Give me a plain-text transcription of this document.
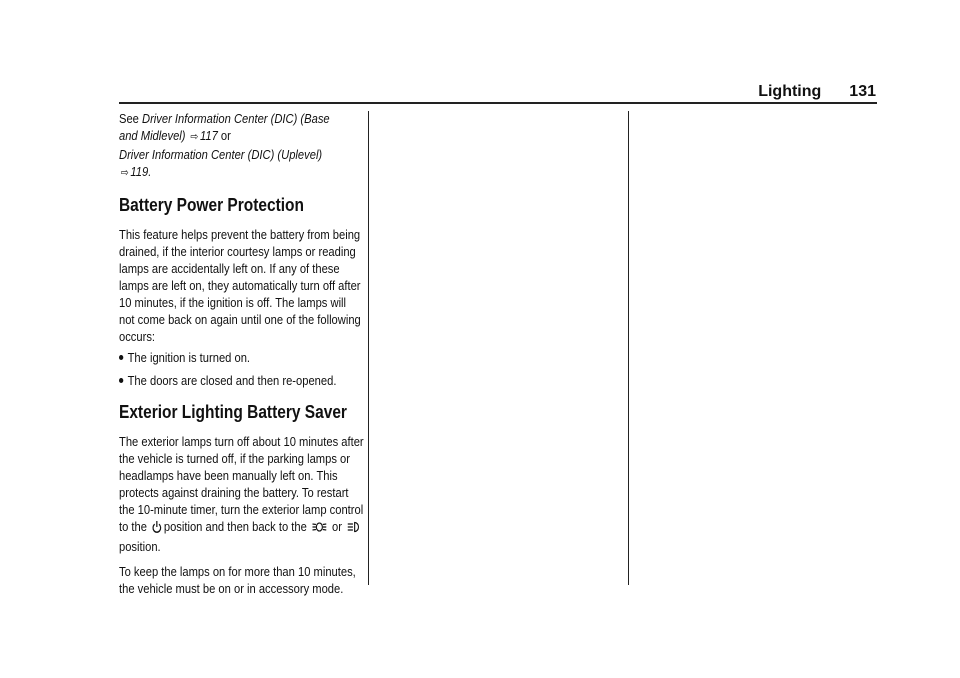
Lighting 131

See Driver Information Center (DIC) (Base
and Midlevel) ⇨ 117 or
Driver Information Center (DIC) (Uplevel)
⇨ 119.

Battery Power Protection

This feature helps prevent the battery from being drained, if the interior courtesy lamps or reading lamps are accidentally left on. If any of these lamps are left on, they automatically turn off after 10 minutes, if the ignition is off. The lamps will not come back on again until one of the following occurs:

The ignition is turned on.
The doors are closed and then re-opened.
Exterior Lighting Battery Saver

The exterior lamps turn off about 10 minutes after the vehicle is turned off, if the parking lamps or headlamps have been manually left on. This protects against draining the battery. To restart the 10-minute timer, turn the exterior lamp control to the position and then back to the or position.

To keep the lamps on for more than 10 minutes, the vehicle must be on or in accessory mode.
